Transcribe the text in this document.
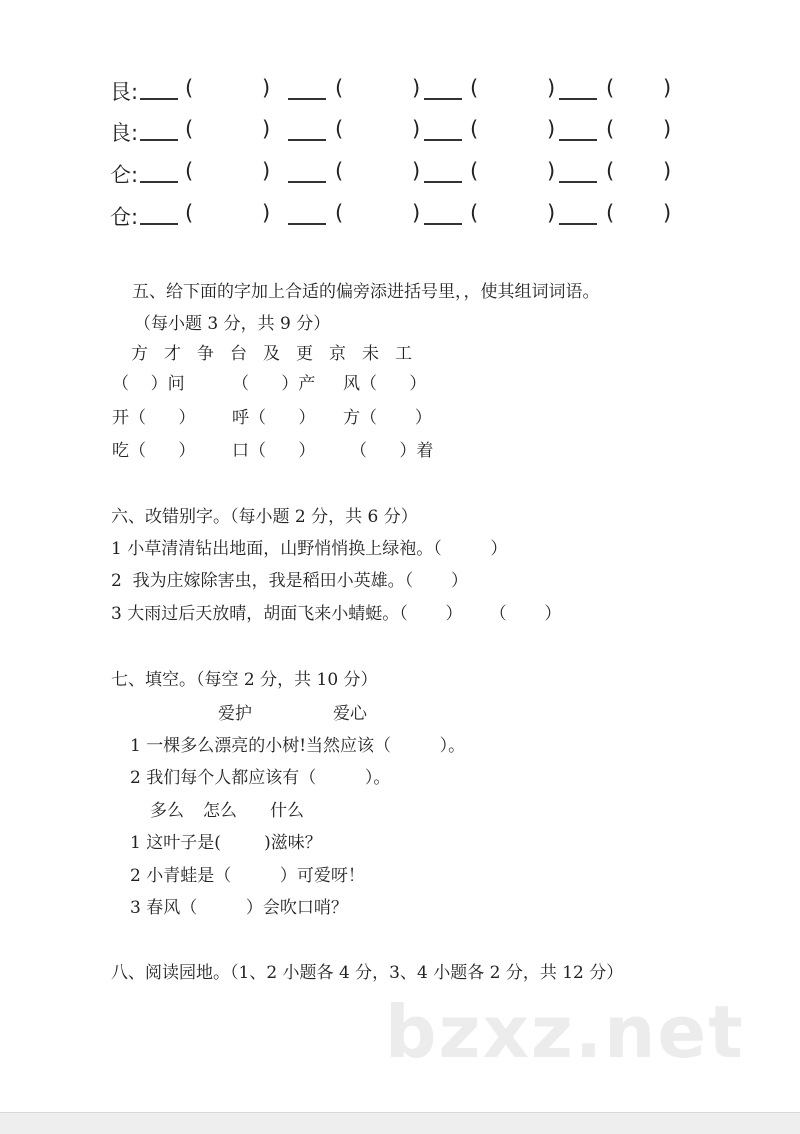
艮: (	)	(	) (	) ( )
良: (	)	(	) (	) ( )
仑: (	)	(	) (	) ( )
仓: (	)	(	) (	) ( )
五、给下面的字加上合适的偏旁添进括号里，，使其组词词语。
（每小题 3 分，共 9 分）
方 才 争 台 及 更 京 未 工
（    ）问	（      ）产 风（      ）
开（      ） 呼（      ） 方（       ）
吃（      ） 口（      ） （      ）着
六、改错别字。（每小题 2 分，共 6 分）
1 小草清清钻出地面，山野悄悄换上绿袍。（         ）
2  我为庄嫁除害虫，我是稻田小英雄。（       ）
3 大雨过后天放晴，胡面飞来小蜻蜓。（       ）     （       ）
七、填空。（每空 2 分，共 10 分）
爱护	爱心
1 一棵多么漂亮的小树!当然应该（         ）。
2 我们每个人都应该有（         ）。
多么 怎么 什么
1 这叶子是(        )滋味？
2 小青蛙是（         ）可爱呀！
3 春风（         ）会吹口哨？
八、阅读园地。（1、2 小题各 4 分，3、4 小题各 2 分，共 12 分）
bzxz.net
